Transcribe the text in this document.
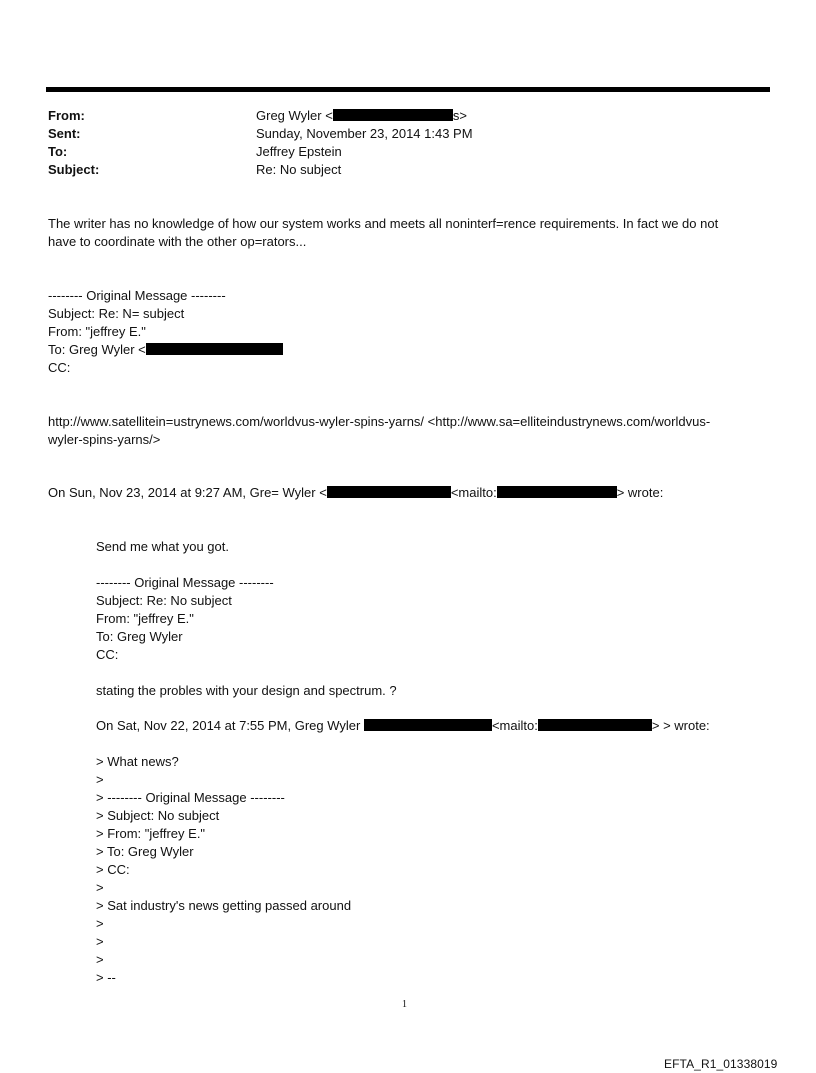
From:	Greg Wyler <	s>
Sent:	Sunday, November 23, 2014 1:43 PM
To:	Jeffrey Epstein
Subject:	Re: No subject
The writer has no knowledge of how our system works and meets all noninterf=rence requirements. In fact we do not
have to coordinate with the other op=rators...
-------- Original Message --------
Subject: Re: N= subject
From: "jeffrey E."
To: Greg Wyler <
CC:
http://www.satellitein=ustrynews.com/worldvus-wyler-spins-yarns/ <http://www.sa=elliteindustrynews.com/worldvus-
wyler-spins-yarns/>
On Sun, Nov 23, 2014 at 9:27 AM, Gre= Wyler <	<mailto:	> wrote:
Send me what you got.
-------- Original Message --------
Subject: Re: No subject
From: "jeffrey E."
To: Greg Wyler
CC:
stating the probles with your design and spectrum. ?
On Sat, Nov 22, 2014 at 7:55 PM, Greg Wyler	<mailto:	> > wrote:
> What news?
>
> -------- Original Message --------
> Subject: No subject
> From: "jeffrey E."
> To: Greg Wyler
> CC:
>
> Sat industry's news getting passed around
>
>
>
> --
1
EFTA_R1_01338019
